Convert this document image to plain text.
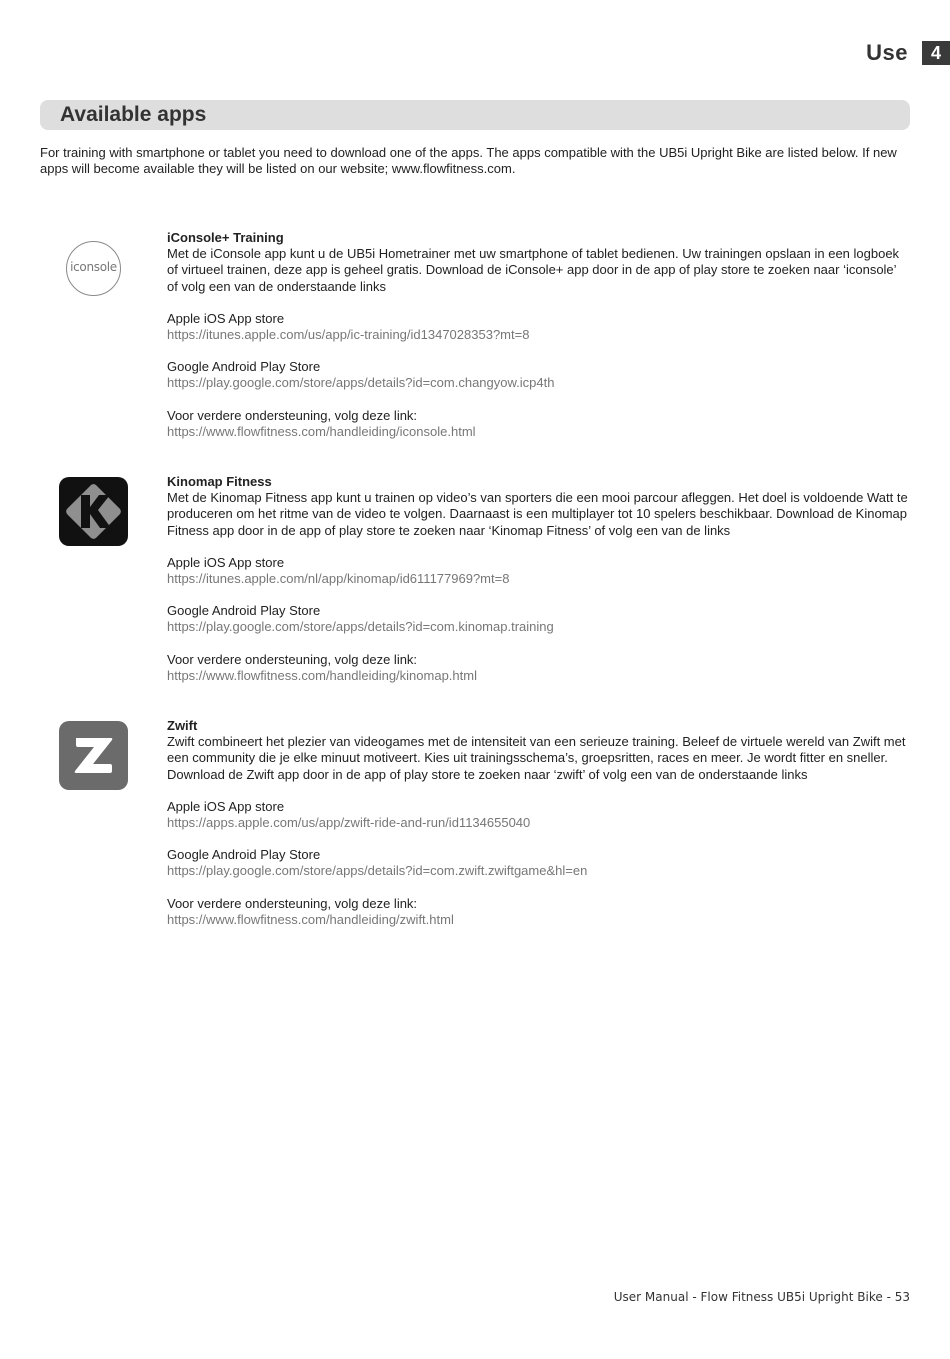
Use	4
Available apps

For training with smartphone or tablet you need to download one of the apps. The apps compatible with the UB5i Upright Bike are listed below. If new apps will become available they will be listed on our website; www.flowfitness.com.

iconsole
iConsole+ Training
Met de iConsole app kunt u de UB5i Hometrainer met uw smartphone of tablet bedienen. Uw trainingen opslaan in een logboek of virtueel trainen, deze app is geheel gratis. Download de iConsole+ app door in de app of play store te zoeken naar ‘iconsole’ of volg een van de onderstaande links
Apple iOS App store
https://itunes.apple.com/us/app/ic-training/id1347028353?mt=8
Google Android Play Store
https://play.google.com/store/apps/details?id=com.changyow.icp4th
Voor verdere ondersteuning, volg deze link:
https://www.flowfitness.com/handleiding/iconsole.html
Kinomap Fitness
Met de Kinomap Fitness app kunt u trainen op video’s van sporters die een mooi parcour afleggen. Het doel is voldoende Watt te produceren om het ritme van de video te volgen. Daarnaast is een multiplayer tot 10 spelers beschikbaar. Download de Kinomap Fitness app door in de app of play store te zoeken naar ‘Kinomap Fitness’ of volg een van de links
Apple iOS App store
https://itunes.apple.com/nl/app/kinomap/id611177969?mt=8
Google Android Play Store
https://play.google.com/store/apps/details?id=com.kinomap.training
Voor verdere ondersteuning, volg deze link:
https://www.flowfitness.com/handleiding/kinomap.html
Zwift
Zwift combineert het plezier van videogames met de intensiteit van een serieuze training. Beleef de virtuele wereld van Zwift met een community die je elke minuut motiveert. Kies uit trainingsschema’s, groepsritten, races en meer. Je wordt fitter en sneller. Download de Zwift app door in de app of play store te zoeken naar ‘zwift’ of volg een van de onderstaande links
Apple iOS App store
https://apps.apple.com/us/app/zwift-ride-and-run/id1134655040
Google Android Play Store
https://play.google.com/store/apps/details?id=com.zwift.zwiftgame&hl=en
Voor verdere ondersteuning, volg deze link:
https://www.flowfitness.com/handleiding/zwift.html
User Manual - Flow Fitness UB5i Upright Bike - 53
